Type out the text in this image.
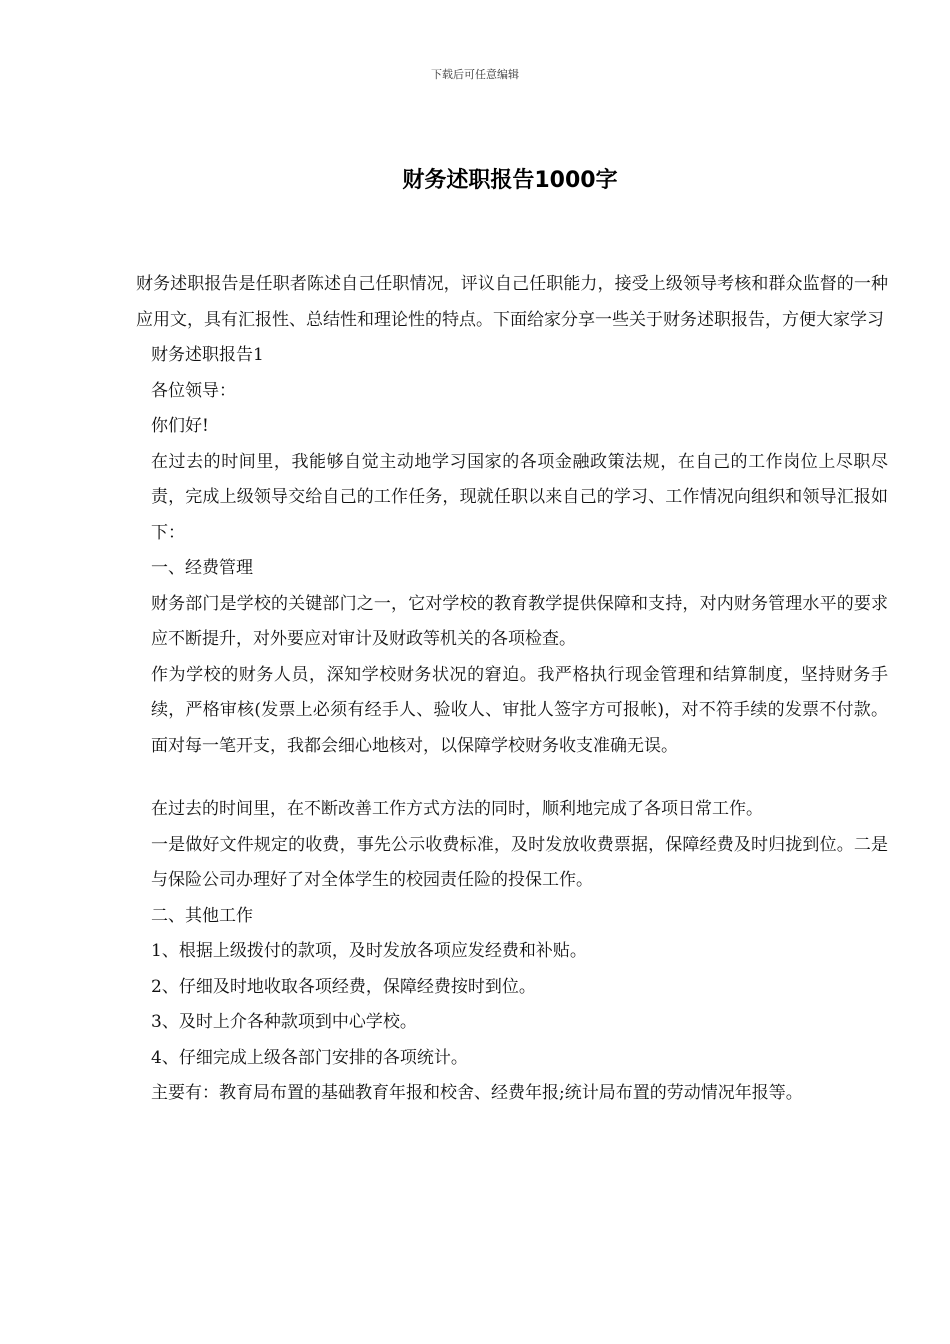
下载后可任意编辑
财务述职报告1000字

财务述职报告是任职者陈述自己任职情况，评议自己任职能力，接受上级领导考核和群众监督的一种应用文，具有汇报性、总结性和理论性的特点。下面给家分享一些关于财务述职报告，方便大家学习

财务述职报告1

各位领导：

你们好!

在过去的时间里，我能够自觉主动地学习国家的各项金融政策法规，在自己的工作岗位上尽职尽责，完成上级领导交给自己的工作任务，现就任职以来自己的学习、工作情况向组织和领导汇报如下：

一、经费管理

财务部门是学校的关键部门之一，它对学校的教育教学提供保障和支持，对内财务管理水平的要求应不断提升，对外要应对审计及财政等机关的各项检查。

作为学校的财务人员，深知学校财务状况的窘迫。我严格执行现金管理和结算制度，坚持财务手续，严格审核(发票上必须有经手人、验收人、审批人签字方可报帐)，对不符手续的发票不付款。面对每一笔开支，我都会细心地核对，以保障学校财务收支准确无误。

在过去的时间里，在不断改善工作方式方法的同时，顺利地完成了各项日常工作。

一是做好文件规定的收费，事先公示收费标准，及时发放收费票据，保障经费及时归拢到位。二是与保险公司办理好了对全体学生的校园责任险的投保工作。

二、其他工作

1、根据上级拨付的款项，及时发放各项应发经费和补贴。

2、仔细及时地收取各项经费，保障经费按时到位。

3、及时上介各种款项到中心学校。

4、仔细完成上级各部门安排的各项统计。

主要有：教育局布置的基础教育年报和校舍、经费年报;统计局布置的劳动情况年报等。
